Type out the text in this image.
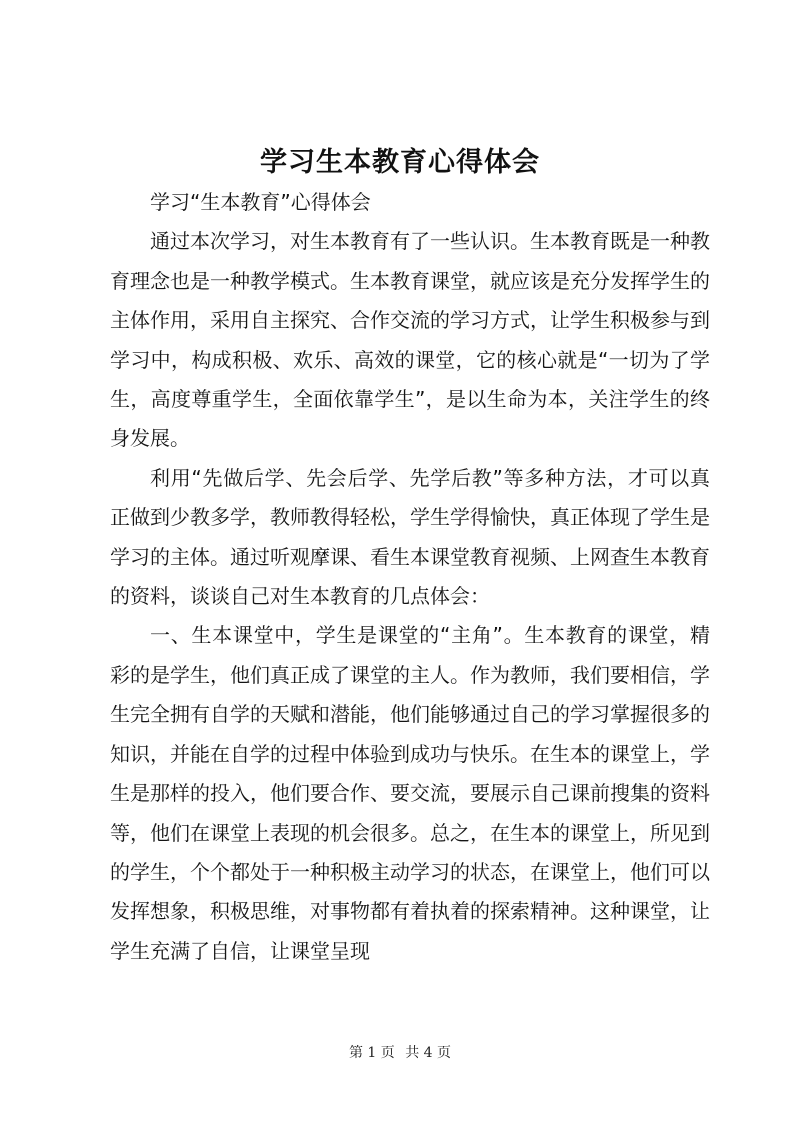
学习生本教育心得体会

学习“生本教育”心得体会

通过本次学习，对生本教育有了一些认识。生本教育既是一种教育理念也是一种教学模式。生本教育课堂，就应该是充分发挥学生的主体作用，采用自主探究、合作交流的学习方式，让学生积极参与到学习中，构成积极、欢乐、高效的课堂，它的核心就是“一切为了学生，高度尊重学生，全面依靠学生”，是以生命为本，关注学生的终身发展。

利用“先做后学、先会后学、先学后教”等多种方法，才可以真正做到少教多学，教师教得轻松，学生学得愉快，真正体现了学生是学习的主体。通过听观摩课、看生本课堂教育视频、上网查生本教育的资料，谈谈自己对生本教育的几点体会：

一、生本课堂中，学生是课堂的“主角”。生本教育的课堂，精彩的是学生，他们真正成了课堂的主人。作为教师，我们要相信，学生完全拥有自学的天赋和潜能，他们能够通过自己的学习掌握很多的知识，并能在自学的过程中体验到成功与快乐。在生本的课堂上，学生是那样的投入，他们要合作、要交流，要展示自己课前搜集的资料等，他们在课堂上表现的机会很多。总之，在生本的课堂上，所见到的学生，个个都处于一种积极主动学习的状态，在课堂上，他们可以发挥想象，积极思维，对事物都有着执着的探索精神。这种课堂，让学生充满了自信，让课堂呈现

第 1 页 共 4 页
